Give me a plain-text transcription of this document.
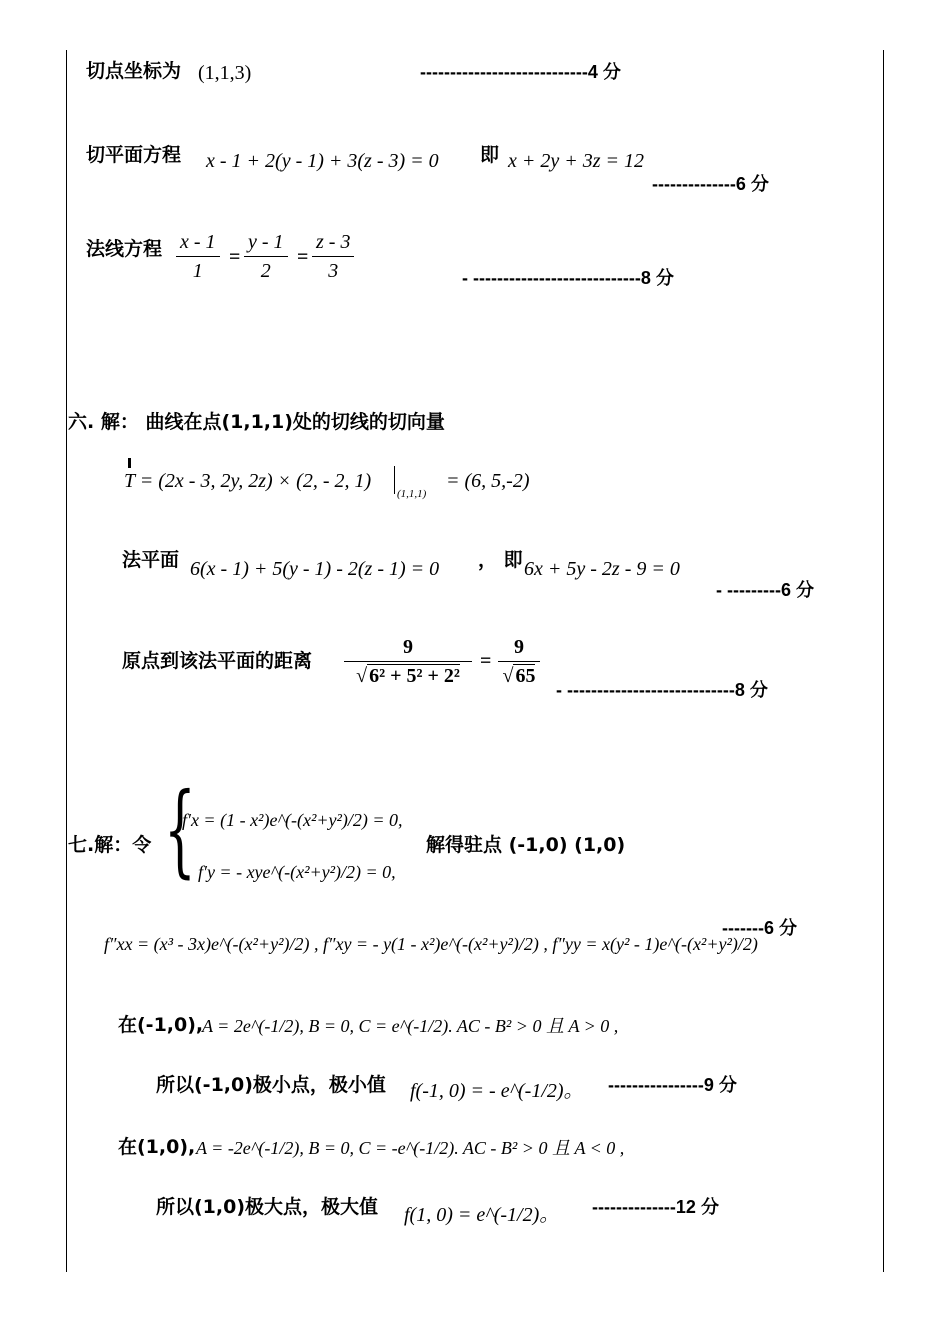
切点坐标为 (1,1,3)	----------------------------4 分
切平面方程 x - 1 + 2(y - 1) + 3(z - 3) = 0 即 x + 2y + 3z = 12
--------------6 分
法线方程 $\frac{x - 1}{1} = \frac{y - 1}{2} = \frac{z - 3}{3}$	- ----------------------------8 分
六. 解： 曲线在点(1,1,1)处的切线的切向量
T = (2x - 3, 2y, 2z) × (2, - 2, 1)
(1,1,1)
= (6, 5,-2)
法平面 6(x - 1) + 5(y - 1) - 2(z - 1) = 0 ， 即 6x + 5y - 2z - 9 = 0
- ---------6 分
原点到该法平面的距离 $\frac{9}{\text{√ 6² + 5² + 2²}} = \frac{9}{√ 65} - ----------------------------8$ 分
七.解：令 {
f′x = (1 - x²)e^(-(x²+y²)/2) = 0,
f′y = - xye^(-(x²+y²)/2) = 0,
解得驻点 (-1,0) (1,0)
f″xx = (x³ - 3x)e^(-(x²+y²)/2) , f″xy = - y(1 - x²)e^(-(x²+y²)/2) , f″yy = x(y² - 1)e^(-(x²+y²)/2)
-------6 分
在(-1,0),
A = 2e^(-1/2), B = 0, C = e^(-1/2). AC - B² > 0 且 A > 0 ,
所以(-1,0)极小点，极小值 f(-1, 0) = - e^(-1/2)。 ----------------9 分
在(1,0), A = -2e^(-1/2), B = 0, C = -e^(-1/2). AC - B² > 0 且 A < 0 ,
所以(1,0)极大点，极大值 f(1, 0) = e^(-1/2)。 --------------12 分
